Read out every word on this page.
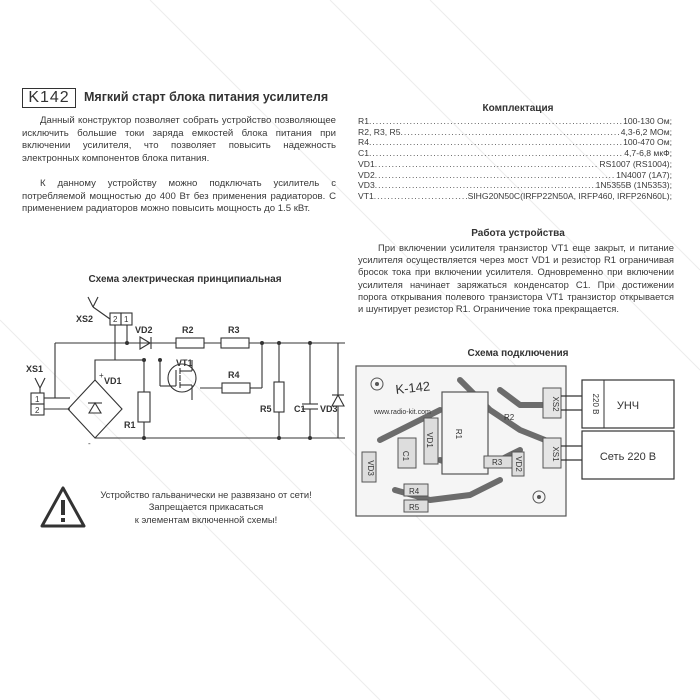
K142	Мягкий старт блока питания усилителя
Данный конструктор позволяет собрать устройство позволяющее исключить большие токи заряда емкостей блока питания при включении усилителя, что позволяет повысить надежность электронных компонентов блока питания.
К данному устройству можно подключать усилитель с потребляемой мощностью до 400 Вт без применения радиаторов. С применением радиаторов можно повысить мощность до 1.5 кВт.
Комплектация
R1 .....	100-130 Ом;
R2, R3, R5 .....	4,3-6,2 МОм;
R4 .....	100-470 Ом;
C1 .....	4,7-6,8 мкФ;
VD1 .....	RS1007 (RS1004);
VD2 .....	1N4007 (1А7);
VD3 .....	1N5355B (1N5353);
VT1 .....	SIHG20N50C(IRFP22N50A, IRFP460, IRFP26N60L);
Работа устройства
При включении усилителя транзистор VT1 еще закрыт, и питание усилителя осуществляется через мост VD1 и резистор R1 ограничивая бросок тока при включении усилителя. Одновременно при включении усилителя начинает заряжаться конденсатор С1. При достижении порога открывания полевого транзистора VT1 транзистор открывается и шунтирует резистор R1. Ограничение тока прекращается.
Схема электрическая принципиальная
XS1
XS2
VD1
VD2
VT1
R2	R3
R4
R1
R5 C1 VD3
1
2
2 1
+
-
Схема подключения
220 В УНЧ
Сеть 220 В
K-142
www.radio-kit.com
XS2
XS1
VD3
C1
R4
R5
VD1	R1
R3
R2
VD2
Устройство гальванически не развязано от сети!
Запрещается прикасаться
к элементам включенной схемы!
